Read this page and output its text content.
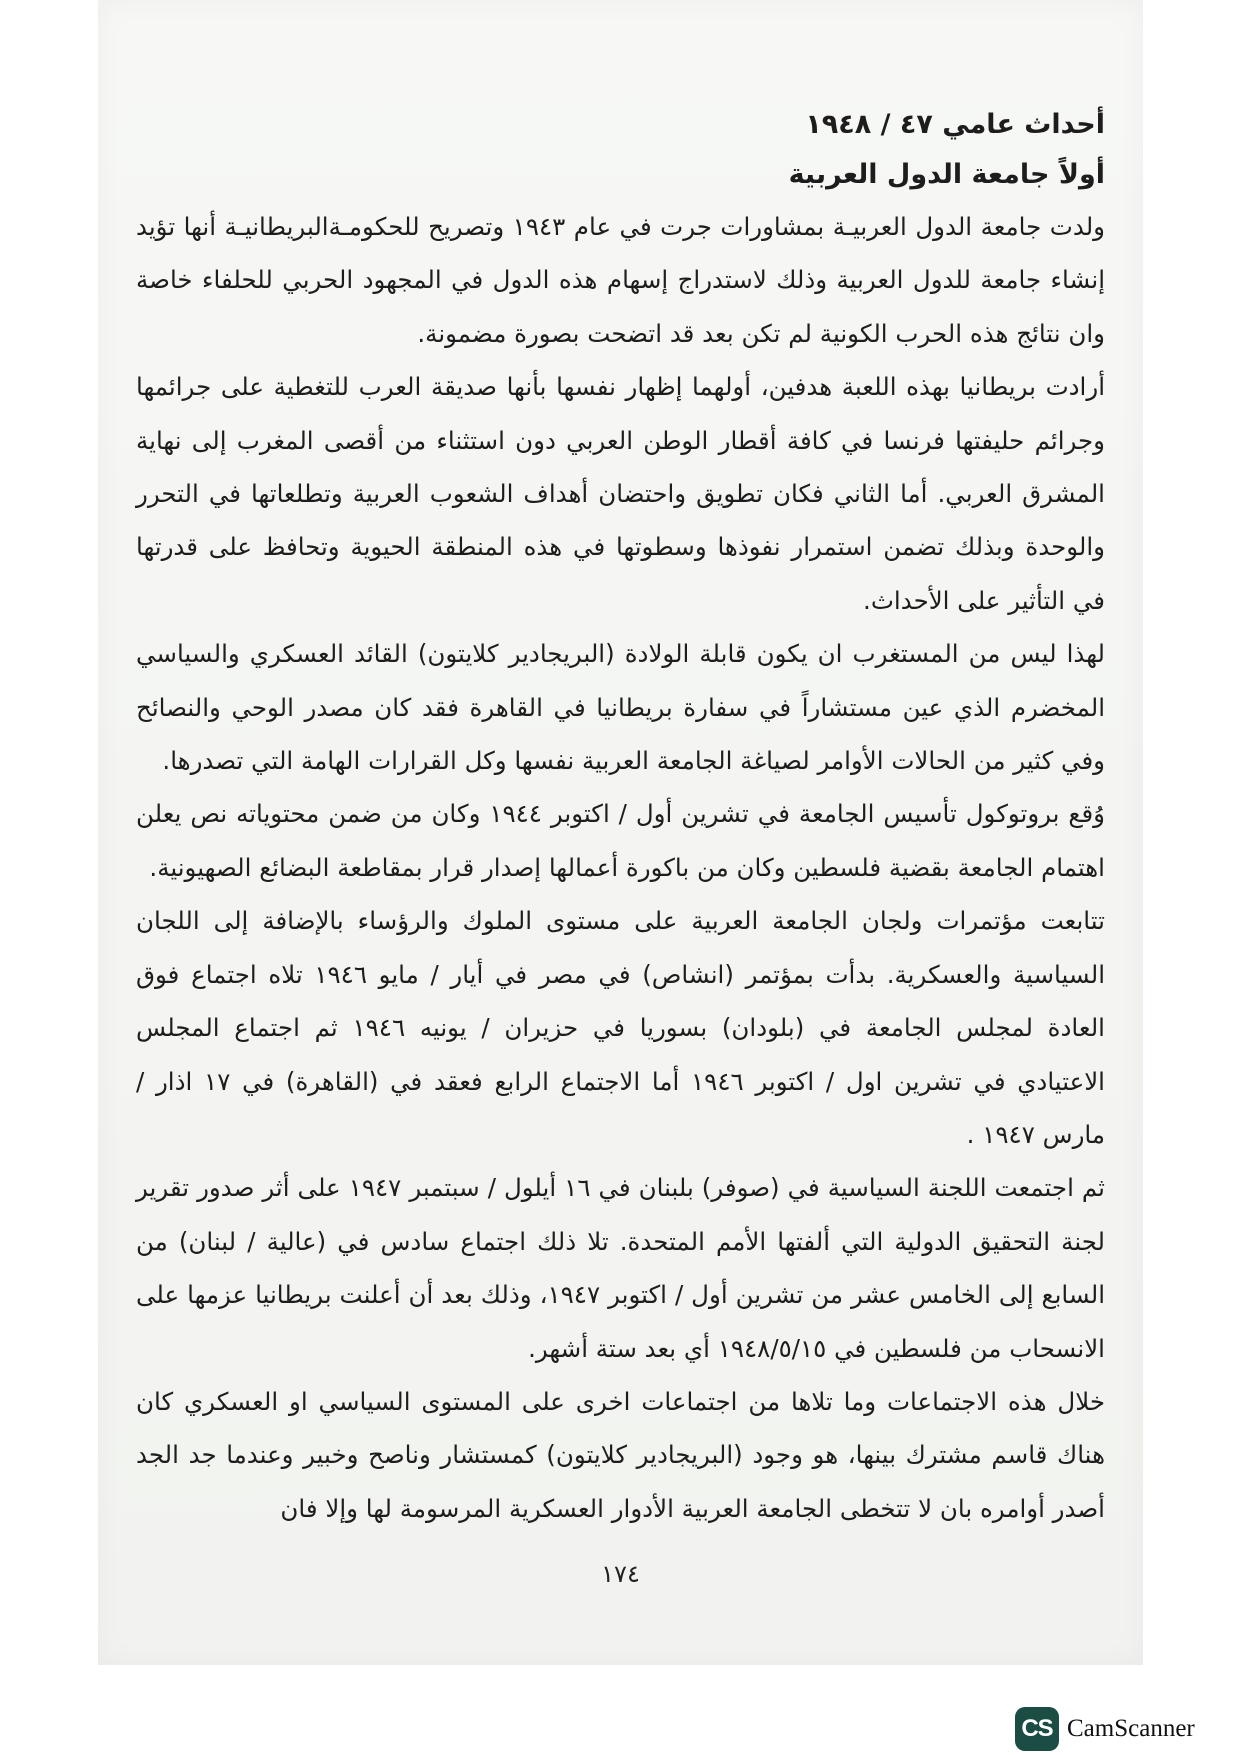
أحداث عامي ٤٧ / ١٩٤٨
أولاً جامعة الدول العربية

ولدت جامعة الدول العربيـة بمشاورات جرت في عام ١٩٤٣ وتصريح للحكومـةالبريطانيـة أنها تؤيد إنشاء جامعة للدول العربية وذلك لاستدراج إسهام هذه الدول في المجهود الحربي للحلفاء خاصة وان نتائج هذه الحرب الكونية لم تكن بعد قد اتضحت بصورة مضمونة.

أرادت بريطانيا بهذه اللعبة هدفين، أولهما إظهار نفسها بأنها صديقة العرب للتغطية على جرائمها وجرائم حليفتها فرنسا في كافة أقطار الوطن العربي دون استثناء من أقصى المغرب إلى نهاية المشرق العربي. أما الثاني فكان تطويق واحتضان أهداف الشعوب العربية وتطلعاتها في التحرر والوحدة وبذلك تضمن استمرار نفوذها وسطوتها في هذه المنطقة الحيوية وتحافظ على قدرتها في التأثير على الأحداث.

لهذا ليس من المستغرب ان يكون قابلة الولادة (البريجادير كلايتون) القائد العسكري والسياسي المخضرم الذي عين مستشاراً في سفارة بريطانيا في القاهرة فقد كان مصدر الوحي والنصائح وفي كثير من الحالات الأوامر لصياغة الجامعة العربية نفسها وكل القرارات الهامة التي تصدرها.

وُقع بروتوكول تأسيس الجامعة في تشرين أول / اكتوبر ١٩٤٤ وكان من ضمن محتوياته نص يعلن اهتمام الجامعة بقضية فلسطين وكان من باكورة أعمالها إصدار قرار بمقاطعة البضائع الصهيونية.

تتابعت مؤتمرات ولجان الجامعة العربية على مستوى الملوك والرؤساء بالإضافة إلى اللجان السياسية والعسكرية. بدأت بمؤتمر (انشاص) في مصر في أيار / مايو ١٩٤٦ تلاه اجتماع فوق العادة لمجلس الجامعة في (بلودان) بسوريا في حزيران / يونيه ١٩٤٦ ثم اجتماع المجلس الاعتيادي في تشرين اول / اكتوبر ١٩٤٦ أما الاجتماع الرابع فعقد في (القاهرة) في ١٧ اذار / مارس ١٩٤٧ .

ثم اجتمعت اللجنة السياسية في (صوفر) بلبنان في ١٦ أيلول / سبتمبر ١٩٤٧ على أثر صدور تقرير لجنة التحقيق الدولية التي ألفتها الأمم المتحدة. تلا ذلك اجتماع سادس في (عالية / لبنان) من السابع إلى الخامس عشر من تشرين أول / اكتوبر ١٩٤٧، وذلك بعد أن أعلنت بريطانيا عزمها على الانسحاب من فلسطين في ١٩٤٨/٥/١٥ أي بعد ستة أشهر.

خلال هذه الاجتماعات وما تلاها من اجتماعات اخرى على المستوى السياسي او العسكري كان هناك قاسم مشترك بينها، هو وجود (البريجادير كلايتون) كمستشار وناصح وخبير وعندما جد الجد أصدر أوامره بان لا تتخطى الجامعة العربية الأدوار العسكرية المرسومة لها وإلا فان

١٧٤
CS CamScanner
